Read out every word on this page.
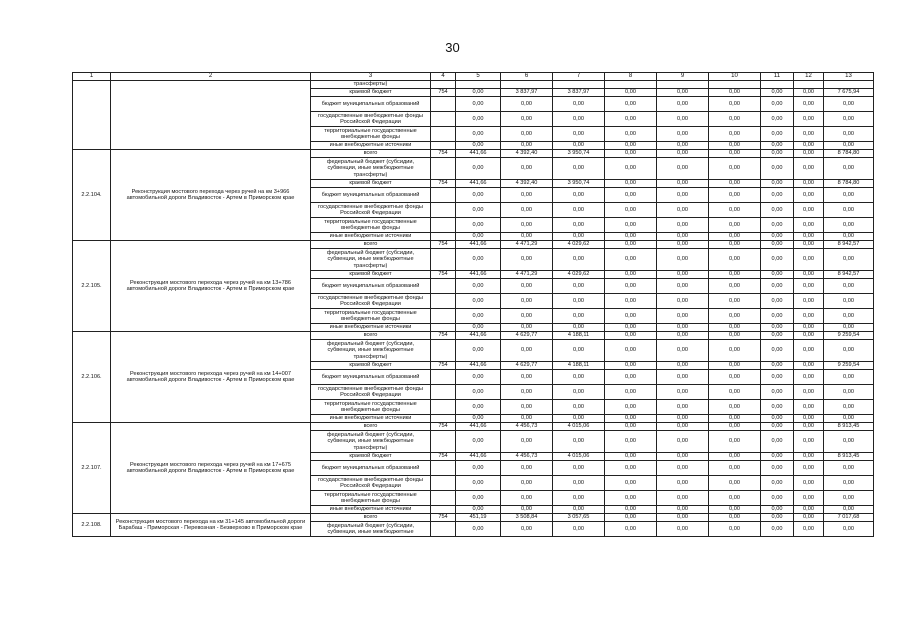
30
1	2	3	4	5	6	7	8	9	10	11	12	13
		трансферты)										
		краевой бюджет	754	0,00	3 837,97	3 837,97	0,00	0,00	0,00	0,00	0,00	7 675,94
		бюджет муниципальных образований		0,00	0,00	0,00	0,00	0,00	0,00	0,00	0,00	0,00
		государственные внебюджетные фонды Российской Федерации		0,00	0,00	0,00	0,00	0,00	0,00	0,00	0,00	0,00
		территориальные государственные внебюджетные фонды		0,00	0,00	0,00	0,00	0,00	0,00	0,00	0,00	0,00
		иные внебюджетные источники		0,00	0,00	0,00	0,00	0,00	0,00	0,00	0,00	0,00
2.2.104.	Реконструкция мостового перехода через ручей на км 3+966 автомобильной дороги Владивосток - Артем в Приморском крае	всего	754	441,66	4 392,40	3 950,74	0,00	0,00	0,00	0,00	0,00	8 784,80
		федеральный бюджет (субсидии, субвенции, иные межбюджетные трансферты)		0,00	0,00	0,00	0,00	0,00	0,00	0,00	0,00	0,00
		краевой бюджет	754	441,66	4 392,40	3 950,74	0,00	0,00	0,00	0,00	0,00	8 784,80
		бюджет муниципальных образований		0,00	0,00	0,00	0,00	0,00	0,00	0,00	0,00	0,00
		государственные внебюджетные фонды Российской Федерации		0,00	0,00	0,00	0,00	0,00	0,00	0,00	0,00	0,00
		территориальные государственные внебюджетные фонды		0,00	0,00	0,00	0,00	0,00	0,00	0,00	0,00	0,00
		иные внебюджетные источники		0,00	0,00	0,00	0,00	0,00	0,00	0,00	0,00	0,00
2.2.105.	Реконструкция мостового перехода через ручей на км 13+786 автомобильной дороги Владивосток - Артем в Приморском крае	всего	754	441,66	4 471,29	4 029,62	0,00	0,00	0,00	0,00	0,00	8 942,57
		федеральный бюджет (субсидии, субвенции, иные межбюджетные трансферты)		0,00	0,00	0,00	0,00	0,00	0,00	0,00	0,00	0,00
		краевой бюджет	754	441,66	4 471,29	4 029,62	0,00	0,00	0,00	0,00	0,00	8 942,57
		бюджет муниципальных образований		0,00	0,00	0,00	0,00	0,00	0,00	0,00	0,00	0,00
		государственные внебюджетные фонды Российской Федерации		0,00	0,00	0,00	0,00	0,00	0,00	0,00	0,00	0,00
		территориальные государственные внебюджетные фонды		0,00	0,00	0,00	0,00	0,00	0,00	0,00	0,00	0,00
		иные внебюджетные источники		0,00	0,00	0,00	0,00	0,00	0,00	0,00	0,00	0,00
2.2.106.	Реконструкция мостового перехода через ручей на км 14+007 автомобильной дороги Владивосток - Артем в Приморском крае	всего	754	441,66	4 629,77	4 188,11	0,00	0,00	0,00	0,00	0,00	9 259,54
		федеральный бюджет (субсидии, субвенции, иные межбюджетные трансферты)		0,00	0,00	0,00	0,00	0,00	0,00	0,00	0,00	0,00
		краевой бюджет	754	441,66	4 629,77	4 188,11	0,00	0,00	0,00	0,00	0,00	9 259,54
		бюджет муниципальных образований		0,00	0,00	0,00	0,00	0,00	0,00	0,00	0,00	0,00
		государственные внебюджетные фонды Российской Федерации		0,00	0,00	0,00	0,00	0,00	0,00	0,00	0,00	0,00
		территориальные государственные внебюджетные фонды		0,00	0,00	0,00	0,00	0,00	0,00	0,00	0,00	0,00
		иные внебюджетные источники		0,00	0,00	0,00	0,00	0,00	0,00	0,00	0,00	0,00
2.2.107.	Реконструкция мостового перехода через ручей на км 17+675 автомобильной дороги Владивосток - Артем в Приморском крае	всего	754	441,66	4 456,73	4 015,06	0,00	0,00	0,00	0,00	0,00	8 913,45
		федеральный бюджет (субсидии, субвенции, иные межбюджетные трансферты)		0,00	0,00	0,00	0,00	0,00	0,00	0,00	0,00	0,00
		краевой бюджет	754	441,66	4 456,73	4 015,06	0,00	0,00	0,00	0,00	0,00	8 913,45
		бюджет муниципальных образований		0,00	0,00	0,00	0,00	0,00	0,00	0,00	0,00	0,00
		государственные внебюджетные фонды Российской Федерации		0,00	0,00	0,00	0,00	0,00	0,00	0,00	0,00	0,00
		территориальные государственные внебюджетные фонды		0,00	0,00	0,00	0,00	0,00	0,00	0,00	0,00	0,00
		иные внебюджетные источники		0,00	0,00	0,00	0,00	0,00	0,00	0,00	0,00	0,00
2.2.108.	Реконструкция мостового перехода на км 31+145 автомобильной дороги Барабаш - Приморская - Перевозная - Безверхово в Приморском крае	всего	754	451,19	3 508,84	3 057,65	0,00	0,00	0,00	0,00	0,00	7 017,68
		федеральный бюджет (субсидии, субвенции, иные межбюджетные		0,00	0,00	0,00	0,00	0,00	0,00	0,00	0,00	0,00
